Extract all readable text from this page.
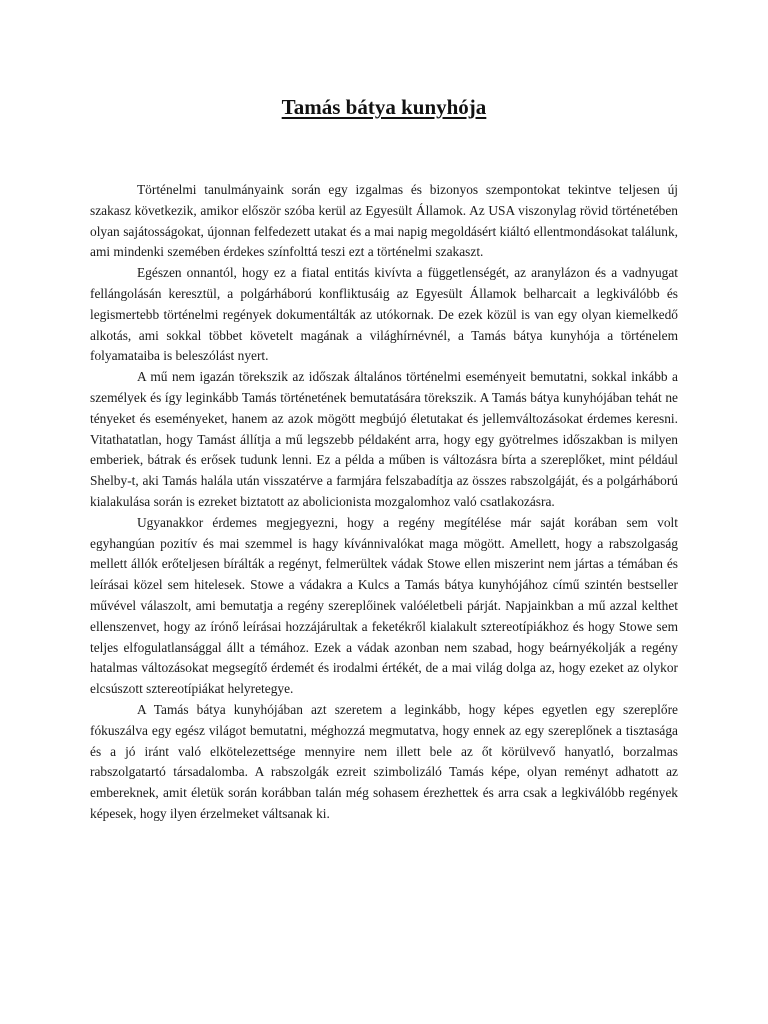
Tamás bátya kunyhója

Történelmi tanulmányaink során egy izgalmas és bizonyos szempontokat tekintve teljesen új szakasz következik, amikor először szóba kerül az Egyesült Államok. Az USA viszonylag rövid történetében olyan sajátosságokat, újonnan felfedezett utakat és a mai napig megoldásért kiáltó ellentmondásokat találunk, ami mindenki szemében érdekes színfolttá teszi ezt a történelmi szakaszt.

Egészen onnantól, hogy ez a fiatal entitás kivívta a függetlenségét, az aranylázon és a vadnyugat fellángolásán keresztül, a polgárháború konfliktusáig az Egyesült Államok belharcait a legkiválóbb és legismertebb történelmi regények dokumentálták az utókornak. De ezek közül is van egy olyan kiemelkedő alkotás, ami sokkal többet követelt magának a világhírnévnél, a Tamás bátya kunyhója a történelem folyamataiba is beleszólást nyert.

A mű nem igazán törekszik az időszak általános történelmi eseményeit bemutatni, sokkal inkább a személyek és így leginkább Tamás történetének bemutatására törekszik. A Tamás bátya kunyhójában tehát ne tényeket és eseményeket, hanem az azok mögött megbújó életutakat és jellemváltozásokat érdemes keresni. Vitathatatlan, hogy Tamást állítja a mű legszebb példaként arra, hogy egy gyötrelmes időszakban is milyen emberiek, bátrak és erősek tudunk lenni. Ez a példa a műben is változásra bírta a szereplőket, mint például Shelby-t, aki Tamás halála után visszatérve a farmjára felszabadítja az összes rabszolgáját, és a polgárháború kialakulása során is ezreket biztatott az abolicionista mozgalomhoz való csatlakozásra.

Ugyanakkor érdemes megjegyezni, hogy a regény megítélése már saját korában sem volt egyhangúan pozitív és mai szemmel is hagy kívánnivalókat maga mögött. Amellett, hogy a rabszolgaság mellett állók erőteljesen bírálták a regényt, felmerültek vádak Stowe ellen miszerint nem jártas a témában és leírásai közel sem hitelesek. Stowe a vádakra a Kulcs a Tamás bátya kunyhójához című szintén bestseller művével válaszolt, ami bemutatja a regény szereplőinek valóéletbeli párját. Napjainkban a mű azzal kelthet ellenszenvet, hogy az írónő leírásai hozzájárultak a feketékről kialakult sztereotípiákhoz és hogy Stowe sem teljes elfogulatlansággal állt a témához. Ezek a vádak azonban nem szabad, hogy beárnyékolják a regény hatalmas változásokat megsegítő érdemét és irodalmi értékét, de a mai világ dolga az, hogy ezeket az olykor elcsúszott sztereotípiákat helyretegye.

A Tamás bátya kunyhójában azt szeretem a leginkább, hogy képes egyetlen egy szereplőre fókuszálva egy egész világot bemutatni, méghozzá megmutatva, hogy ennek az egy szereplőnek a tisztasága és a jó iránt való elkötelezettsége mennyire nem illett bele az őt körülvevő hanyatló, borzalmas rabszolgatartó társadalomba. A rabszolgák ezreit szimbolizáló Tamás képe, olyan reményt adhatott az embereknek, amit életük során korábban talán még sohasem érezhettek és arra csak a legkiválóbb regények képesek, hogy ilyen érzelmeket váltsanak ki.
